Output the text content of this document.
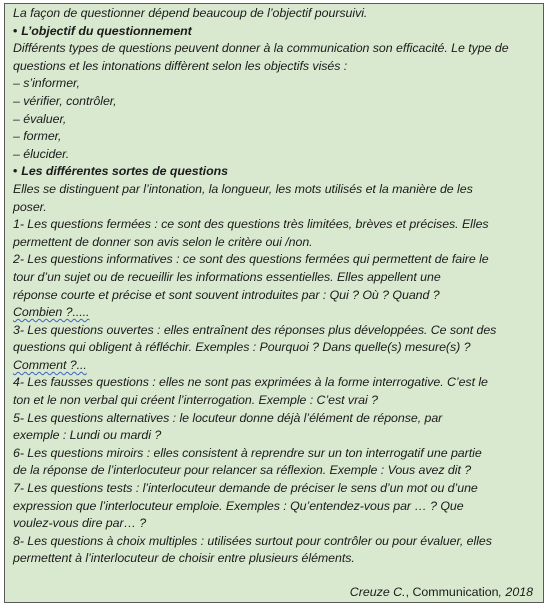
La façon de questionner dépend beaucoup de l’objectif poursuivi.
• L’objectif du questionnement
Différents types de questions peuvent donner à la communication son efficacité. Le type de
questions et les intonations diffèrent selon les objectifs visés :
– s’informer,
– vérifier, contrôler,
– évaluer,
– former,
– élucider.
• Les différentes sortes de questions
Elles se distinguent par l’intonation, la longueur, les mots utilisés et la manière de les
poser.
1- Les questions fermées : ce sont des questions très limitées, brèves et précises. Elles
permettent de donner son avis selon le critère oui /non.
2- Les questions informatives : ce sont des questions fermées qui permettent de faire le
tour d’un sujet ou de recueillir les informations essentielles. Elles appellent une
réponse courte et précise et sont souvent introduites par : Qui ? Où ? Quand ?
Combien ?.....
3- Les questions ouvertes : elles entraînent des réponses plus développées. Ce sont des
questions qui obligent à réfléchir. Exemples : Pourquoi ? Dans quelle(s) mesure(s) ?
Comment ?...
4- Les fausses questions : elles ne sont pas exprimées à la forme interrogative. C’est le
ton et le non verbal qui créent l’interrogation. Exemple : C’est vrai ?
5- Les questions alternatives : le locuteur donne déjà l’élément de réponse, par
exemple : Lundi ou mardi ?
6- Les questions miroirs : elles consistent à reprendre sur un ton interrogatif une partie
de la réponse de l’interlocuteur pour relancer sa réflexion. Exemple : Vous avez dit ?
7- Les questions tests : l’interlocuteur demande de préciser le sens d’un mot ou d’une
expression que l’interlocuteur emploie. Exemples : Qu’entendez-vous par … ? Que
voulez-vous dire par… ?
8- Les questions à choix multiples : utilisées surtout pour contrôler ou pour évaluer, elles
permettent à l’interlocuteur de choisir entre plusieurs éléments.
Creuze C., Communication, 2018
